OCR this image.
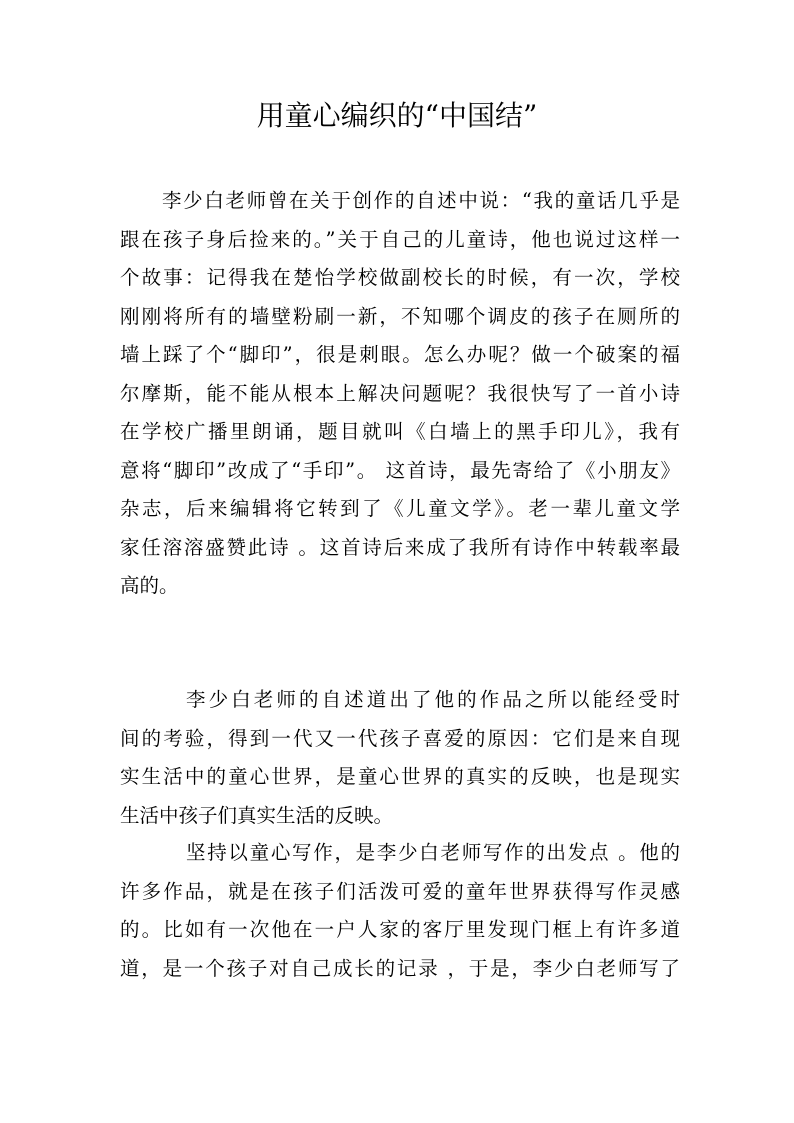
用童心编织的“中国结”
李少白老师曾在关于创作的自述中说：“我的童话几乎是
跟在孩子身后捡来的。”关于自己的儿童诗，他也说过这样一
个故事：记得我在楚怡学校做副校长的时候，有一次，学校
刚刚将所有的墙壁粉刷一新，不知哪个调皮的孩子在厕所的
墙上踩了个“脚印”，很是刺眼。怎么办呢？做一个破案的福
尔摩斯，能不能从根本上解决问题呢？我很快写了一首小诗
在学校广播里朗诵，题目就叫《白墙上的黑手印儿》，我有
意将“脚印”改成了“手印”。 这首诗，最先寄给了《小朋友》
杂志，后来编辑将它转到了《儿童文学》。老一辈儿童文学
家任溶溶盛赞此诗 。这首诗后来成了我所有诗作中转载率最
高的。
李少白老师的自述道出了他的作品之所以能经受时
间的考验，得到一代又一代孩子喜爱的原因：它们是来自现
实生活中的童心世界，是童心世界的真实的反映，也是现实
生活中孩子们真实生活的反映。
坚持以童心写作，是李少白老师写作的出发点 。他的
许多作品，就是在孩子们活泼可爱的童年世界获得写作灵感
的。比如有一次他在一户人家的客厅里发现门框上有许多道
道，是一个孩子对自己成长的记录 ，于是，李少白老师写了
